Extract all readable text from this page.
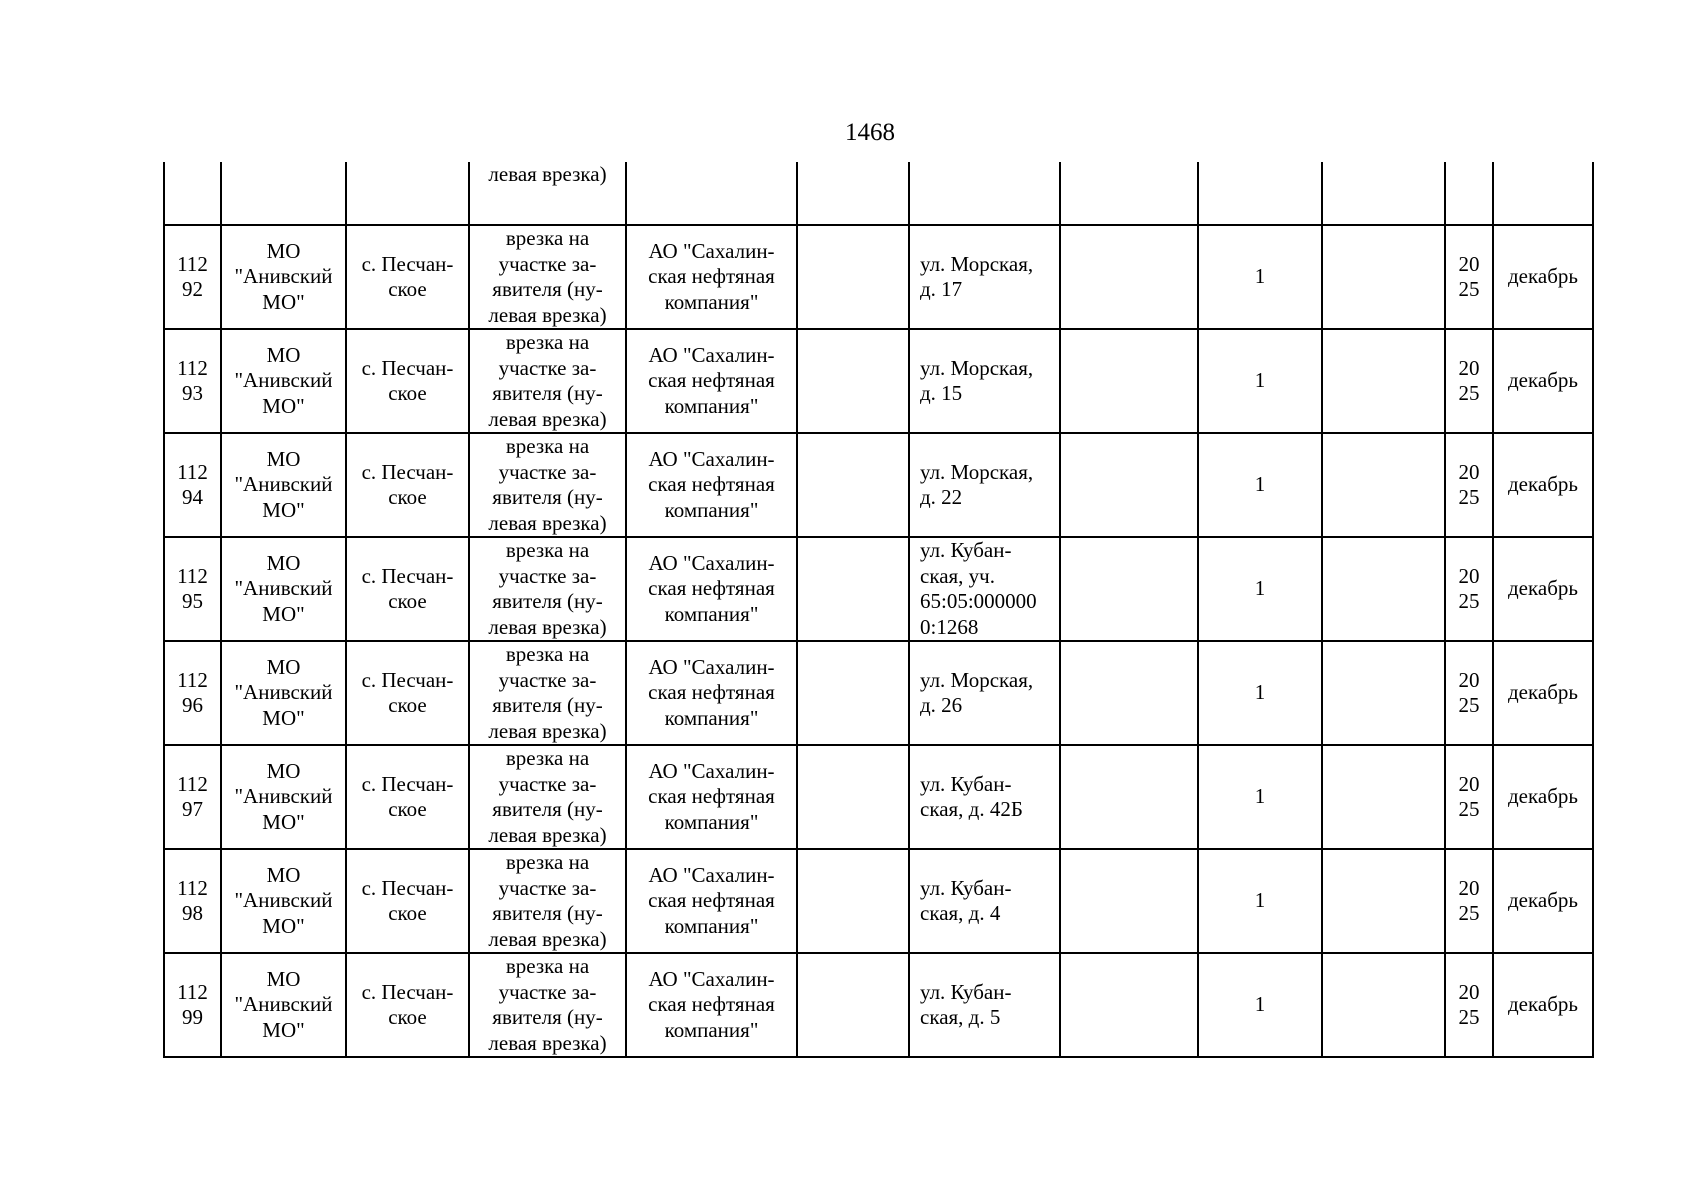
1468
			левая врезка)								
112
92	МО
"Анивский
МО"	с. Песчан-
ское	врезка на
участке за-
явителя (ну-
левая врезка)	АО "Сахалин-
ская нефтяная
компания"		ул. Морская,
д. 17		1		20
25	декабрь
112
93	МО
"Анивский
МО"	с. Песчан-
ское	врезка на
участке за-
явителя (ну-
левая врезка)	АО "Сахалин-
ская нефтяная
компания"		ул. Морская,
д. 15		1		20
25	декабрь
112
94	МО
"Анивский
МО"	с. Песчан-
ское	врезка на
участке за-
явителя (ну-
левая врезка)	АО "Сахалин-
ская нефтяная
компания"		ул. Морская,
д. 22		1		20
25	декабрь
112
95	МО
"Анивский
МО"	с. Песчан-
ское	врезка на
участке за-
явителя (ну-
левая врезка)	АО "Сахалин-
ская нефтяная
компания"		ул. Кубан-
ская, уч.
65:05:000000
0:1268		1		20
25	декабрь
112
96	МО
"Анивский
МО"	с. Песчан-
ское	врезка на
участке за-
явителя (ну-
левая врезка)	АО "Сахалин-
ская нефтяная
компания"		ул. Морская,
д. 26		1		20
25	декабрь
112
97	МО
"Анивский
МО"	с. Песчан-
ское	врезка на
участке за-
явителя (ну-
левая врезка)	АО "Сахалин-
ская нефтяная
компания"		ул. Кубан-
ская, д. 42Б		1		20
25	декабрь
112
98	МО
"Анивский
МО"	с. Песчан-
ское	врезка на
участке за-
явителя (ну-
левая врезка)	АО "Сахалин-
ская нефтяная
компания"		ул. Кубан-
ская, д. 4		1		20
25	декабрь
112
99	МО
"Анивский
МО"	с. Песчан-
ское	врезка на
участке за-
явителя (ну-
левая врезка)	АО "Сахалин-
ская нефтяная
компания"		ул. Кубан-
ская, д. 5		1		20
25	декабрь
